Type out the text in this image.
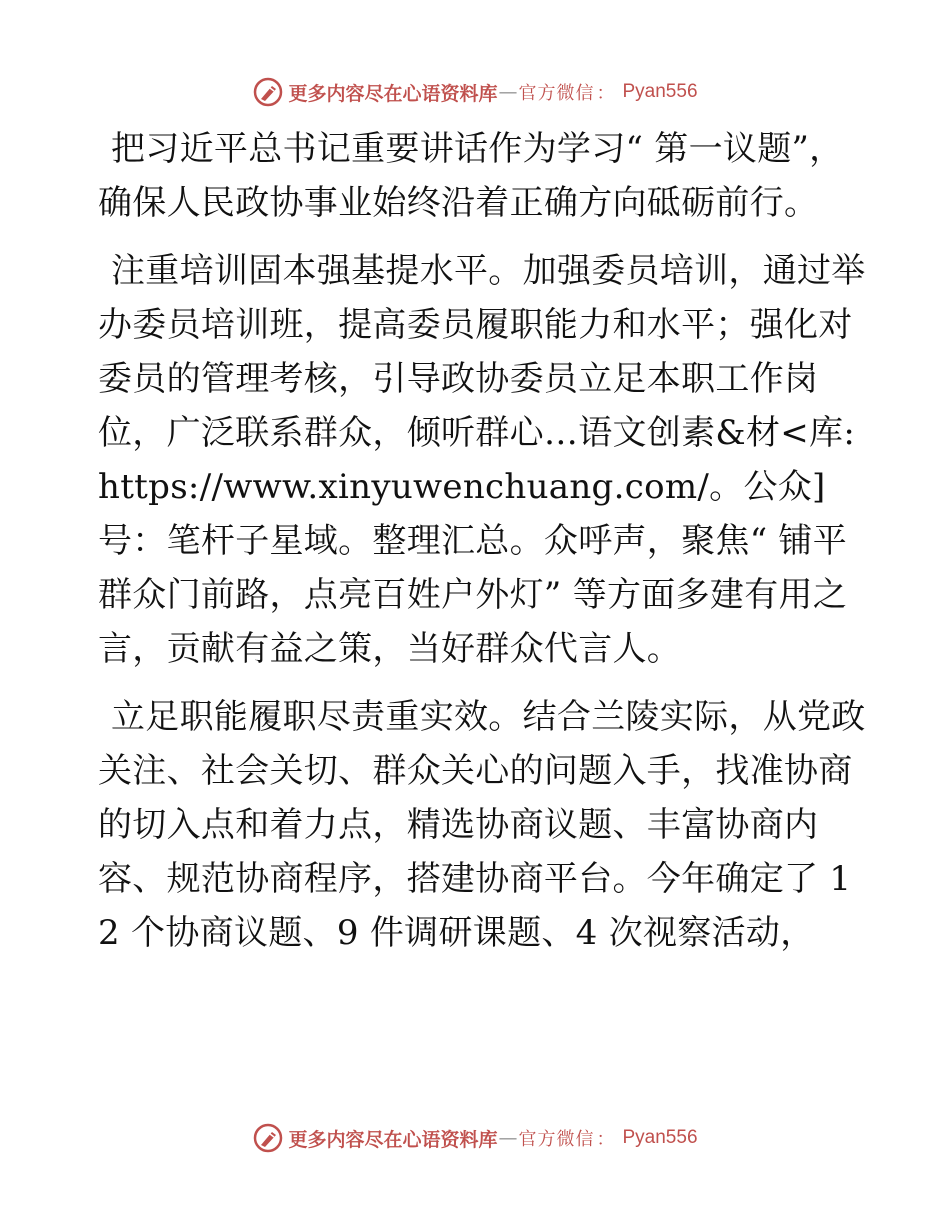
更多内容尽在心语资料库 — 官方微信 ： Pyan556

把习近平总书记重要讲话作为学习“ 第一议题”，确保人民政协事业始终沿着正确方向砥砺前行。

注重培训固本强基提水平。加强委员培训，通过举办委员培训班，提高委员履职能力和水平；强化对委员的管理考核，引导政协委员立足本职工作岗位，广泛联系群众，倾听群心…语文创素&材<库:https://www.xinyuwenchuang.com/。公众]号：笔杆子星域。整理汇总。众呼声，聚焦“ 铺平群众门前路，点亮百姓户外灯” 等方面多建有用之言，贡献有益之策，当好群众代言人。

立足职能履职尽责重实效。结合兰陵实际，从党政关注、社会关切、群众关心的问题入手，找准协商的切入点和着力点，精选协商议题、丰富协商内容、规范协商程序，搭建协商平台。今年确定了 12 个协商议题、9 件调研课题、4 次视察活动，

更多内容尽在心语资料库 — 官方微信 ： Pyan556
